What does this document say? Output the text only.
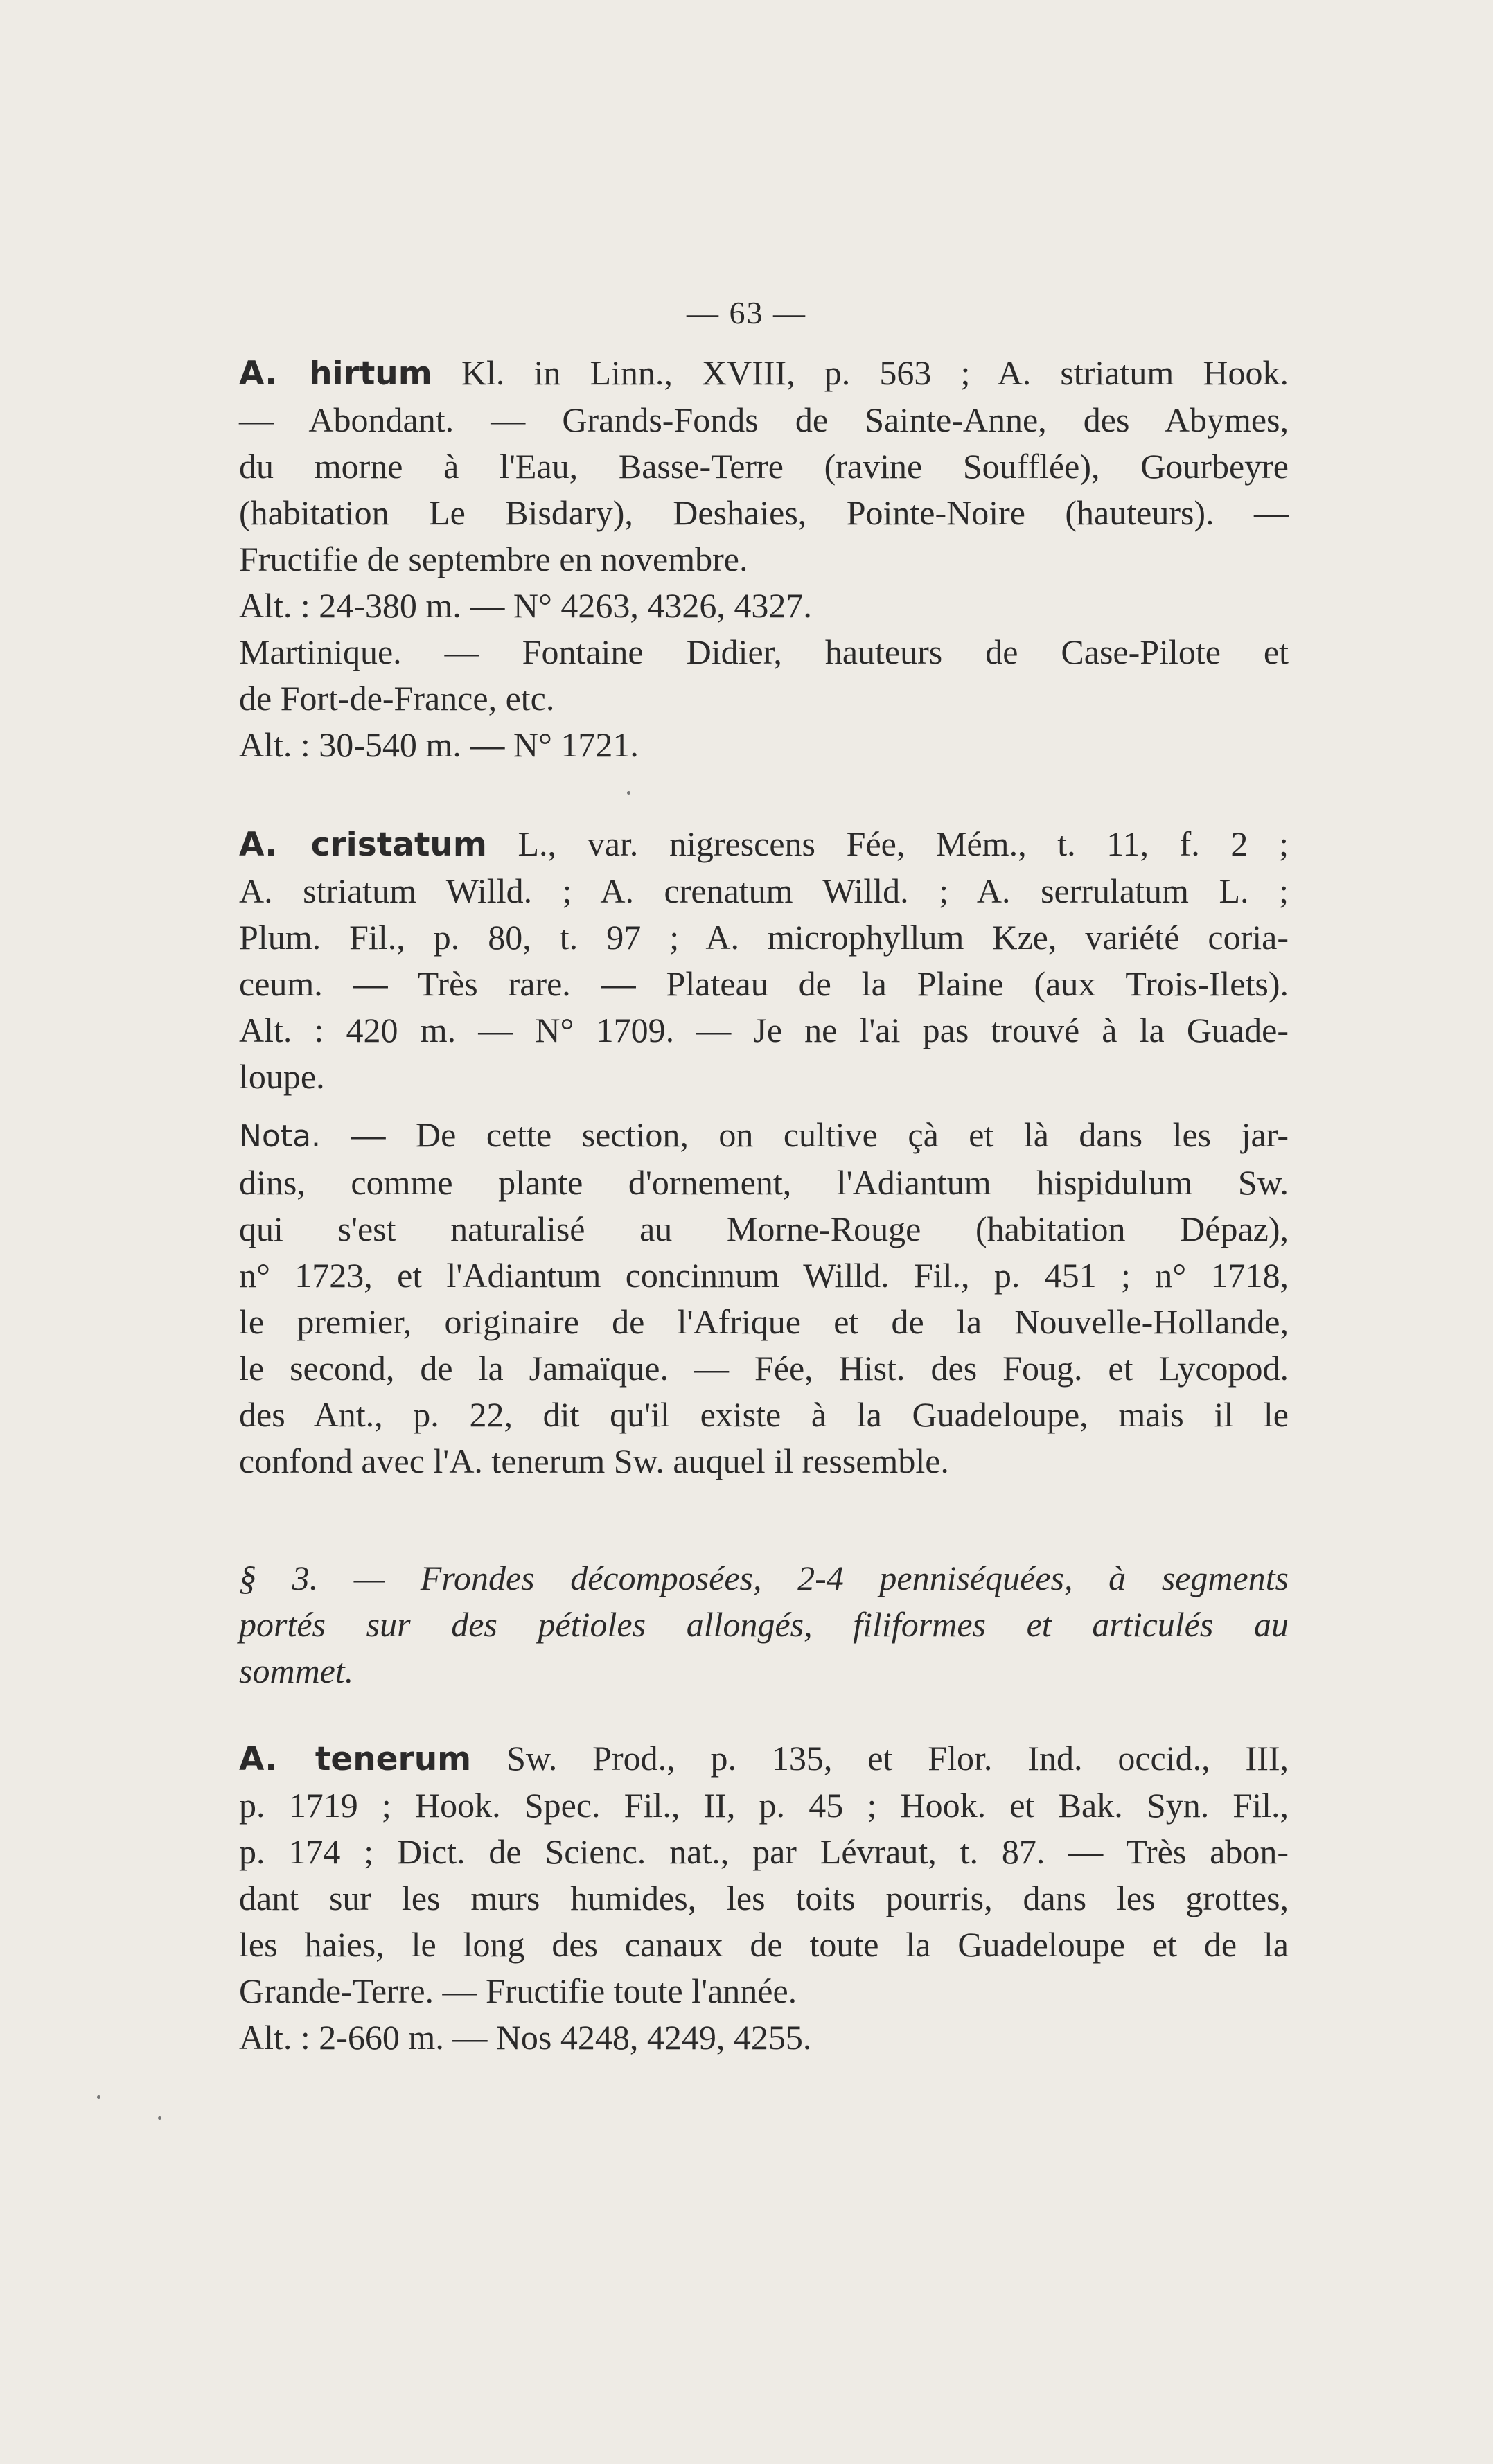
— 63 —
A. hirtum Kl. in Linn., XVIII, p. 563 ; A. striatum Hook.
— Abondant. — Grands-Fonds de Sainte-Anne, des Abymes,
du morne à l'Eau, Basse-Terre (ravine Soufflée), Gourbeyre
(habitation Le Bisdary), Deshaies, Pointe-Noire (hauteurs). —
Fructifie de septembre en novembre.
Alt. : 24-380 m. — N° 4263, 4326, 4327.
Martinique. — Fontaine Didier, hauteurs de Case-Pilote et
de Fort-de-France, etc.
Alt. : 30-540 m. — N° 1721.
A. cristatum L., var. nigrescens Fée, Mém., t. 11, f. 2 ;
A. striatum Willd. ; A. crenatum Willd. ; A. serrulatum L. ;
Plum. Fil., p. 80, t. 97 ; A. microphyllum Kze, variété coria-
ceum. — Très rare. — Plateau de la Plaine (aux Trois-Ilets).
Alt. : 420 m. — N° 1709. — Je ne l'ai pas trouvé à la Guade-
loupe.
Nota. — De cette section, on cultive çà et là dans les jar-
dins, comme plante d'ornement, l'Adiantum hispidulum Sw.
qui s'est naturalisé au Morne-Rouge (habitation Dépaz),
n° 1723, et l'Adiantum concinnum Willd. Fil., p. 451 ; n° 1718,
le premier, originaire de l'Afrique et de la Nouvelle-Hollande,
le second, de la Jamaïque. — Fée, Hist. des Foug. et Lycopod.
des Ant., p. 22, dit qu'il existe à la Guadeloupe, mais il le
confond avec l'A. tenerum Sw. auquel il ressemble.
§ 3. — Frondes décomposées, 2-4 penniséquées, à segments
portés sur des pétioles allongés, filiformes et articulés au
sommet.
A. tenerum Sw. Prod., p. 135, et Flor. Ind. occid., III,
p. 1719 ; Hook. Spec. Fil., II, p. 45 ; Hook. et Bak. Syn. Fil.,
p. 174 ; Dict. de Scienc. nat., par Lévraut, t. 87. — Très abon-
dant sur les murs humides, les toits pourris, dans les grottes,
les haies, le long des canaux de toute la Guadeloupe et de la
Grande-Terre. — Fructifie toute l'année.
Alt. : 2-660 m. — Nos 4248, 4249, 4255.
